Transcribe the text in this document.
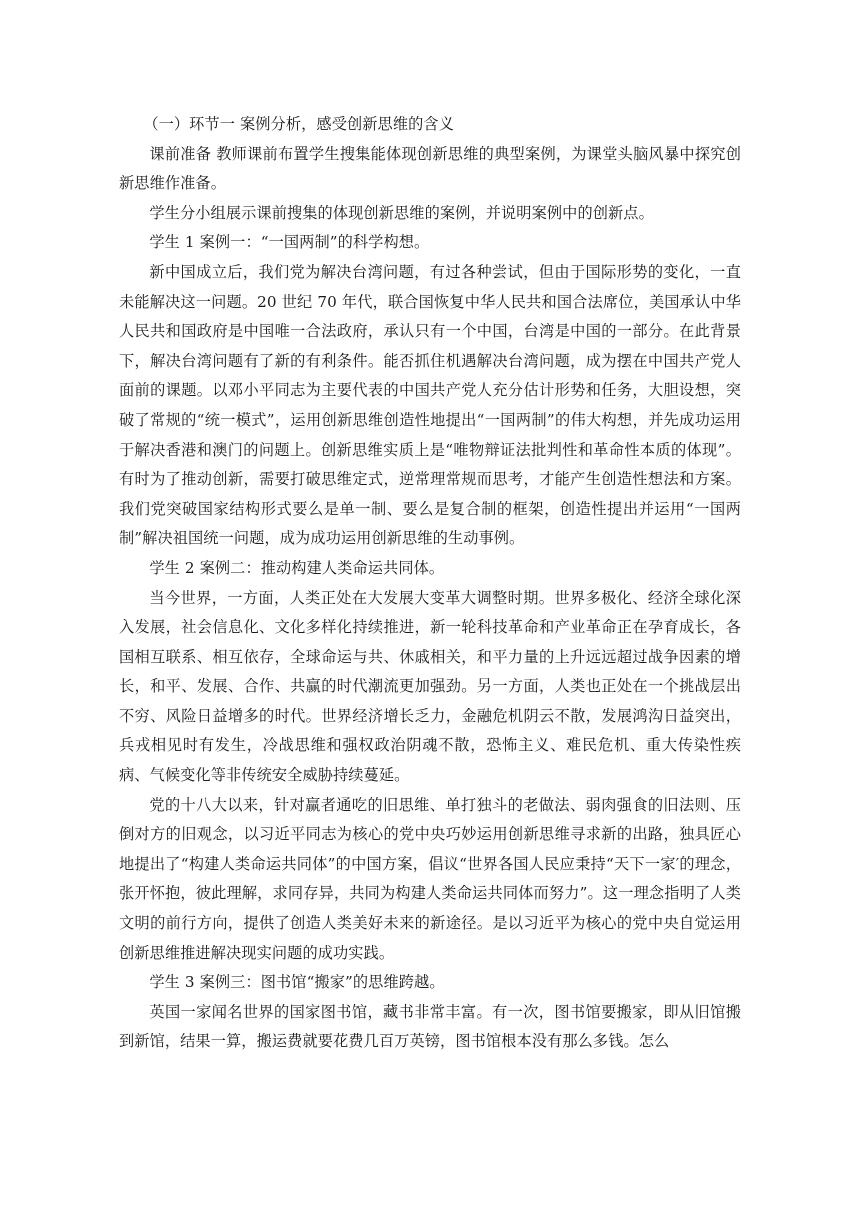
（一）环节一 案例分析，感受创新思维的含义

课前准备 教师课前布置学生搜集能体现创新思维的典型案例，为课堂头脑风暴中探究创新思维作准备。

学生分小组展示课前搜集的体现创新思维的案例，并说明案例中的创新点。

学生 1 案例一：“一国两制”的科学构想。

新中国成立后，我们党为解决台湾问题，有过各种尝试，但由于国际形势的变化，一直未能解决这一问题。20 世纪 70 年代，联合国恢复中华人民共和国合法席位，美国承认中华人民共和国政府是中国唯一合法政府，承认只有一个中国，台湾是中国的一部分。在此背景下，解决台湾问题有了新的有利条件。能否抓住机遇解决台湾问题，成为摆在中国共产党人面前的课题。以邓小平同志为主要代表的中国共产党人充分估计形势和任务，大胆设想，突破了常规的“统一模式”，运用创新思维创造性地提出“一国两制”的伟大构想，并先成功运用于解决香港和澳门的问题上。创新思维实质上是“唯物辩证法批判性和革命性本质的体现”。有时为了推动创新，需要打破思维定式，逆常理常规而思考，才能产生创造性想法和方案。我们党突破国家结构形式要么是单一制、要么是复合制的框架，创造性提出并运用“一国两制”解决祖国统一问题，成为成功运用创新思维的生动事例。

学生 2 案例二：推动构建人类命运共同体。

当今世界，一方面，人类正处在大发展大变革大调整时期。世界多极化、经济全球化深入发展，社会信息化、文化多样化持续推进，新一轮科技革命和产业革命正在孕育成长，各国相互联系、相互依存，全球命运与共、休戚相关，和平力量的上升远远超过战争因素的增长，和平、发展、合作、共赢的时代潮流更加强劲。另一方面，人类也正处在一个挑战层出不穷、风险日益增多的时代。世界经济增长乏力，金融危机阴云不散，发展鸿沟日益突出，兵戎相见时有发生，冷战思维和强权政治阴魂不散，恐怖主义、难民危机、重大传染性疾病、气候变化等非传统安全威胁持续蔓延。

党的十八大以来，针对赢者通吃的旧思维、单打独斗的老做法、弱肉强食的旧法则、压倒对方的旧观念，以习近平同志为核心的党中央巧妙运用创新思维寻求新的出路，独具匠心地提出了“构建人类命运共同体”的中国方案，倡议“世界各国人民应秉持“天下一家′的理念，张开怀抱，彼此理解，求同存异，共同为构建人类命运共同体而努力”。这一理念指明了人类文明的前行方向，提供了创造人类美好未来的新途径。是以习近平为核心的党中央自觉运用创新思维推进解决现实问题的成功实践。

学生 3 案例三：图书馆“搬家”的思维跨越。

英国一家闻名世界的国家图书馆，藏书非常丰富。有一次，图书馆要搬家，即从旧馆搬到新馆，结果一算，搬运费就要花费几百万英镑，图书馆根本没有那么多钱。怎么
